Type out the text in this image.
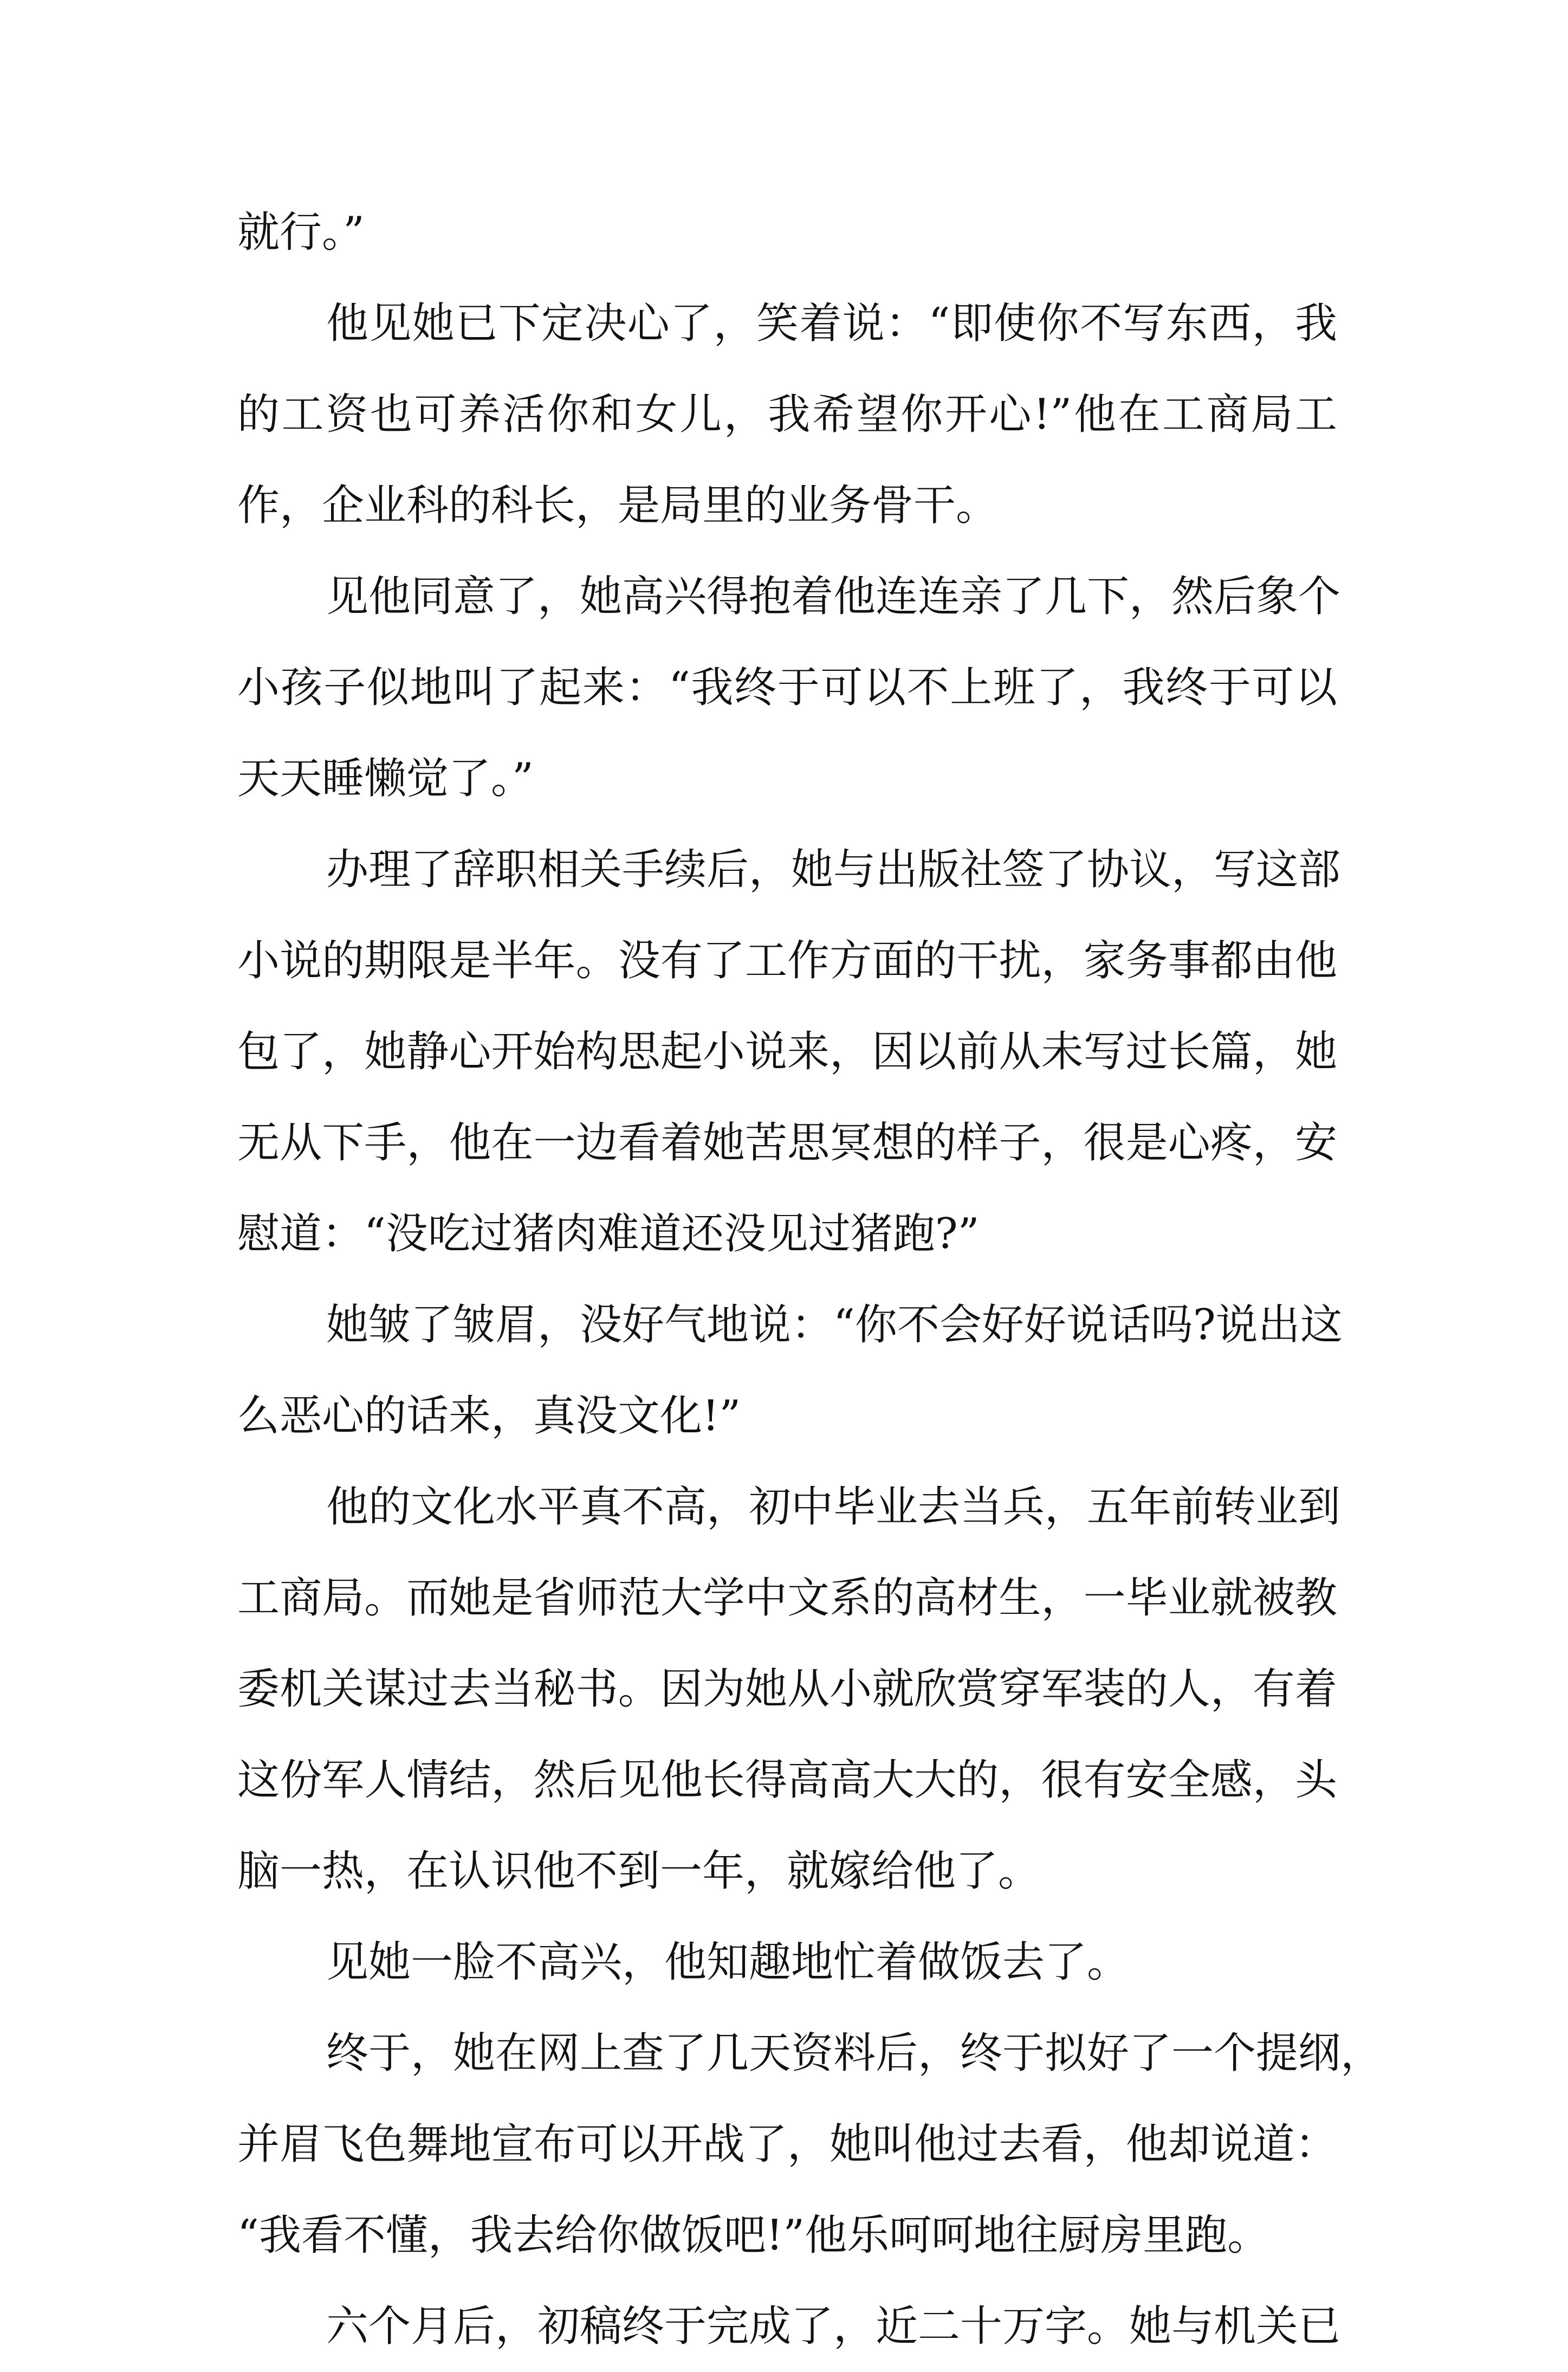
就行。”
他见她已下定决心了，笑着说：“即使你不写东西，我
的工资也可养活你和女儿，我希望你开心!”他在工商局工
作，企业科的科长，是局里的业务骨干。
见他同意了，她高兴得抱着他连连亲了几下，然后象个
小孩子似地叫了起来：“我终于可以不上班了，我终于可以
天天睡懒觉了。”
办理了辞职相关手续后，她与出版社签了协议，写这部
小说的期限是半年。没有了工作方面的干扰，家务事都由他
包了，她静心开始构思起小说来，因以前从未写过长篇，她
无从下手，他在一边看着她苦思冥想的样子，很是心疼，安
慰道：“没吃过猪肉难道还没见过猪跑?”
她皱了皱眉，没好气地说：“你不会好好说话吗?说出这
么恶心的话来，真没文化!”
他的文化水平真不高，初中毕业去当兵，五年前转业到
工商局。而她是省师范大学中文系的高材生，一毕业就被教
委机关谋过去当秘书。因为她从小就欣赏穿军装的人，有着
这份军人情结，然后见他长得高高大大的，很有安全感，头
脑一热，在认识他不到一年，就嫁给他了。
见她一脸不高兴，他知趣地忙着做饭去了。
终于，她在网上查了几天资料后，终于拟好了一个提纲，
并眉飞色舞地宣布可以开战了，她叫他过去看，他却说道：
“我看不懂，我去给你做饭吧!”他乐呵呵地往厨房里跑。
六个月后，初稿终于完成了，近二十万字。她与机关已
